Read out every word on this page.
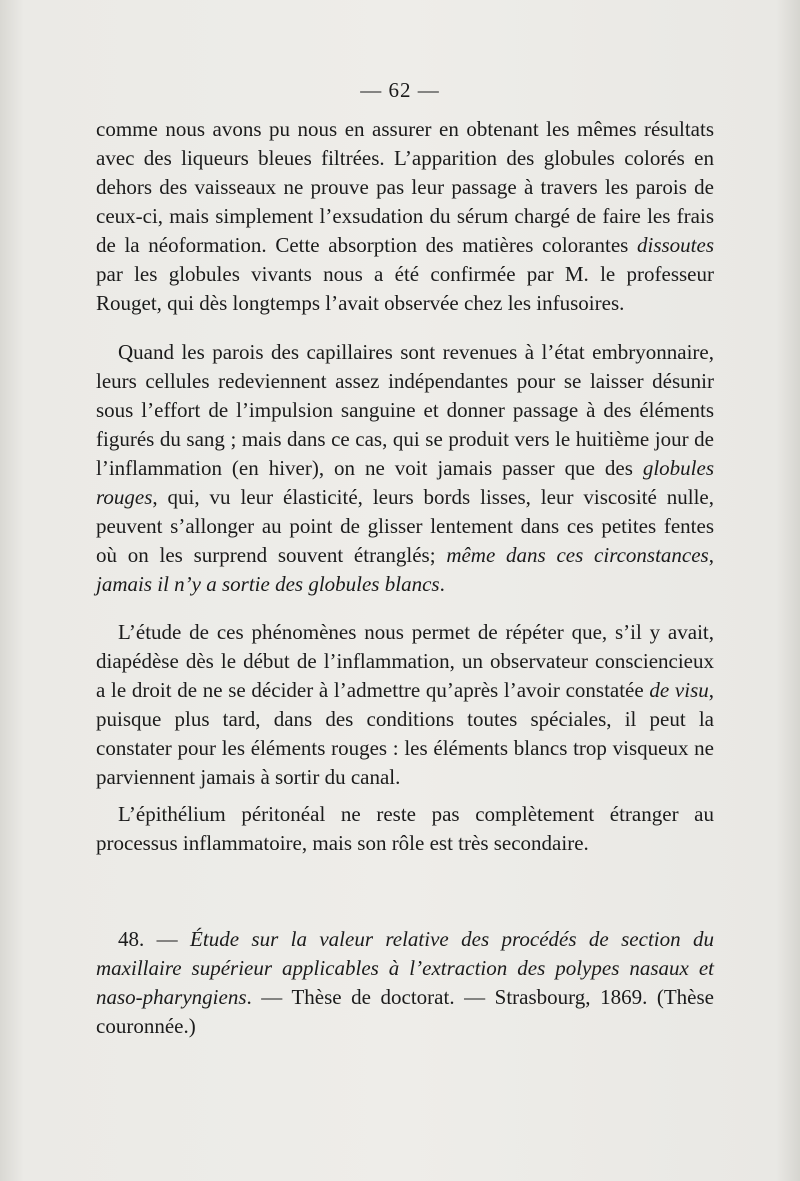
— 62 —

comme nous avons pu nous en assurer en obtenant les mêmes résultats avec des liqueurs bleues filtrées. L’apparition des globules colorés en dehors des vaisseaux ne prouve pas leur passage à travers les parois de ceux-ci, mais simplement l’exsudation du sérum chargé de faire les frais de la néoformation. Cette absorption des matières colorantes dissoutes par les globules vivants nous a été confirmée par M. le professeur Rouget, qui dès longtemps l’avait observée chez les infusoires.

Quand les parois des capillaires sont revenues à l’état embryonnaire, leurs cellules redeviennent assez indépendantes pour se laisser désunir sous l’effort de l’impulsion sanguine et donner passage à des éléments figurés du sang ; mais dans ce cas, qui se produit vers le huitième jour de l’inflammation (en hiver), on ne voit jamais passer que des globules rouges, qui, vu leur élasticité, leurs bords lisses, leur viscosité nulle, peuvent s’allonger au point de glisser lentement dans ces petites fentes où on les surprend souvent étranglés; même dans ces circonstances, jamais il n’y a sortie des globules blancs.

L’étude de ces phénomènes nous permet de répéter que, s’il y avait, diapédèse dès le début de l’inflammation, un observateur consciencieux a le droit de ne se décider à l’admettre qu’après l’avoir constatée de visu, puisque plus tard, dans des conditions toutes spéciales, il peut la constater pour les éléments rouges : les éléments blancs trop visqueux ne parviennent jamais à sortir du canal.

L’épithélium péritonéal ne reste pas complètement étranger au processus inflammatoire, mais son rôle est très secondaire.

48. — Étude sur la valeur relative des procédés de section du maxillaire supérieur applicables à l’extraction des polypes nasaux et naso-pharyngiens. — Thèse de doctorat. — Strasbourg, 1869. (Thèse couronnée.)
